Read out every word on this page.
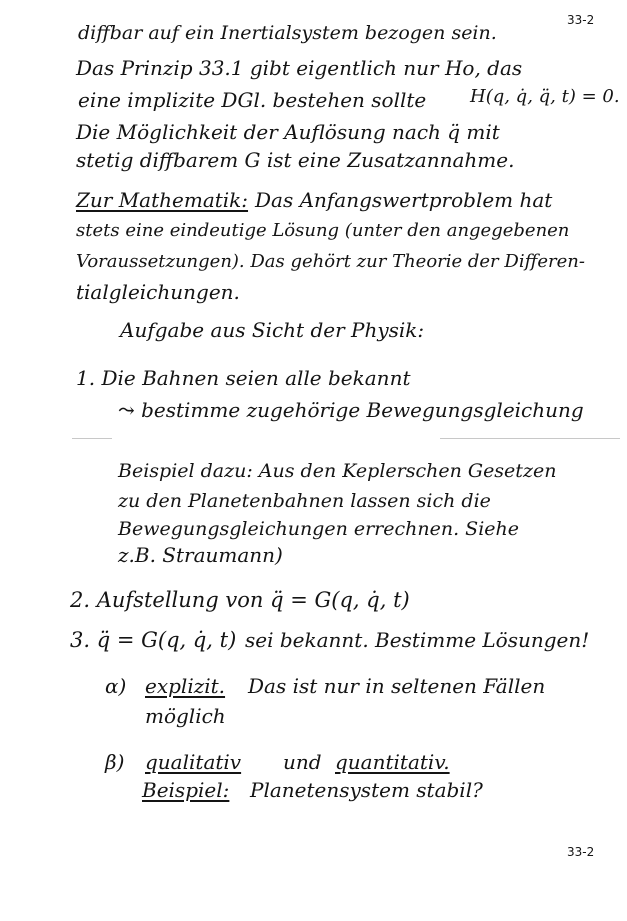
33-2
diffbar auf ein Inertialsystem bezogen sein.
Das Prinzip 33.1 gibt eigentlich nur Ho, das
eine implizite DGl. bestehen sollte H(q, q̇, q̈, t) = 0.
Die Möglichkeit der Auflösung nach q̈ mit
stetig diffbarem G ist eine Zusatzannahme.
Zur Mathematik: Das Anfangswertproblem hat
stets eine eindeutige Lösung (unter den angegebenen
Voraussetzungen). Das gehört zur Theorie der Differen-
tialgleichungen.
Aufgabe aus Sicht der Physik:
1. Die Bahnen seien alle bekannt
⤳ bestimme zugehörige Bewegungsgleichung
Beispiel dazu: Aus den Keplerschen Gesetzen
zu den Planetenbahnen lassen sich die
Bewegungsgleichungen errechnen. Siehe
z.B. Straumann)
2. Aufstellung von q̈ = G(q, q̇, t)
3. q̈ = G(q, q̇, t) sei bekannt. Bestimme Lösungen!
α) explizit. Das ist nur in seltenen Fällen
möglich
β) qualitativ und quantitativ.
Beispiel: Planetensystem stabil?
33-2
